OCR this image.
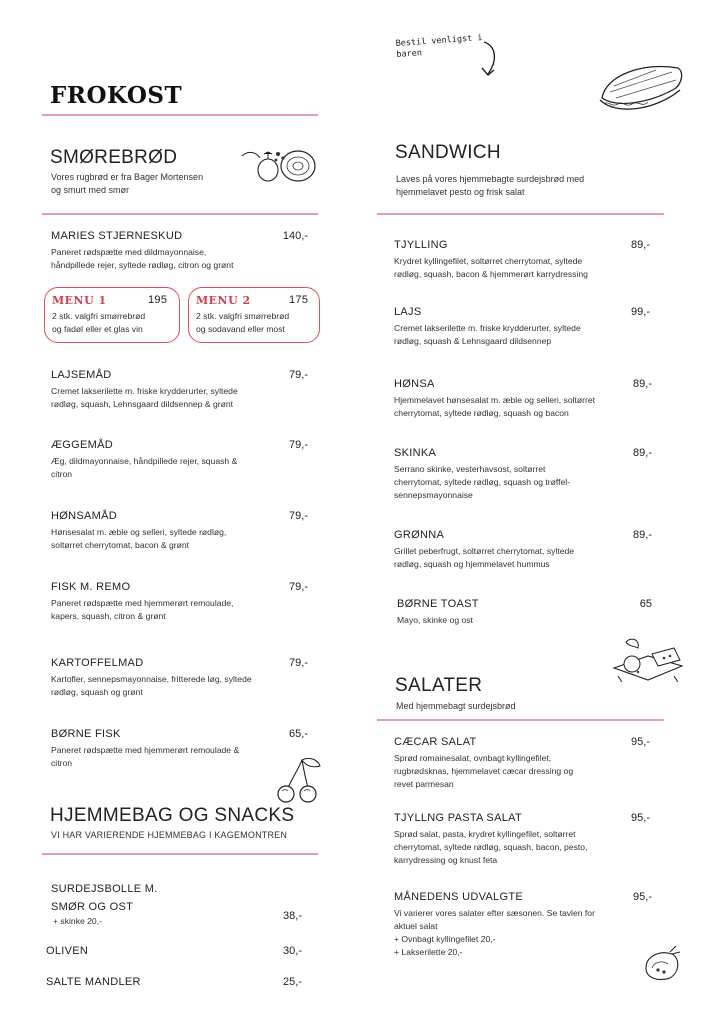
Bestil venligst i
baren
FROKOST
SMØREBRØD
Vores rugbrød er fra Bager Mortensen
og smurt med smør
MARIES STJERNESKUD	140,-
Paneret rødspætte med dildmayonnaise,
håndpillede rejer, syltede rødløg, citron og grønt
MENU 1	195
2 stk. valgfri smørrebrød
og fadøl eller et glas vin
MENU 2	175
2 stk. valgfri smørrebrød
og sodavand eller most
LAJSEMÅD	79,-
Cremet lakserilette m. friske krydderurter, syltede
rødløg, squash, Lehnsgaard dildsennep & grønt
ÆGGEMÅD	79,-
Æg, dildmayonnaise, håndpillede rejer, squash &
citron
HØNSAMÅD	79,-
Hønsesalat m. æble og selleri, syltede rødløg,
soltørret cherrytomat, bacon & grønt
FISK M. REMO	79,-
Paneret rødspætte med hjemmerørt remoulade,
kapers, squash, citron & grønt
KARTOFFELMAD	79,-
Kartofler, sennepsmayonnaise, fritterede løg, syltede
rødløg, squash og grønt
BØRNE FISK	65,-
Paneret rødspætte med hjemmerørt remoulade &
citron
HJEMMEBAG OG SNACKS
VI HAR VARIERENDE HJEMMEBAG I KAGEMONTREN
SURDEJSBOLLE M.
SMØR OG OST
+ skinke 20,-	38,-
OLIVEN	30,-
SALTE MANDLER	25,-
SANDWICH
Laves på vores hjemmebagte surdejsbrød med
hjemmelavet pesto og frisk salat
TJYLLING	89,-
Krydret kyllingefilet, soltørret cherrytomat, syltede
rødløg, squash, bacon & hjemmerørt karrydressing
LAJS	99,-
Cremet lakserilette m. friske krydderurter, syltede
rødløg, squash & Lehnsgaard dildsennep
HØNSA	89,-
Hjemmelavet hønsesalat m. æble og selleri, soltørret
cherrytomat, syltede rødløg, squash og bacon
SKINKA	89,-
Serrano skinke, vesterhavsost, soltørret
cherrytomat, syltede rødløg, squash og trøffel-
sennepsmayonnaise
GRØNNA	89,-
Grillet peberfrugt, soltørret cherrytomat, syltede
rødløg, squash og hjemmelavet hummus
BØRNE TOAST	65
Mayo, skinke og ost
SALATER
Med hjemmebagt surdejsbrød
CÆCAR SALAT	95,-
Sprød romainesalat, ovnbagt kyllingefilet,
rugbrødsknas, hjemmelavet cæcar dressing og
revet parmesan
TJYLLNG PASTA SALAT	95,-
Sprød salat, pasta, krydret kyllingefilet, soltørret
cherrytomat, syltede rødløg, squash, bacon, pesto,
karrydressing og knust feta
MÅNEDENS UDVALGTE	95,-
Vi varierer vores salater efter sæsonen. Se tavlen for
aktuel salat
+ Ovnbagt kyllingefilet 20,-
+ Lakserilette 20,-
